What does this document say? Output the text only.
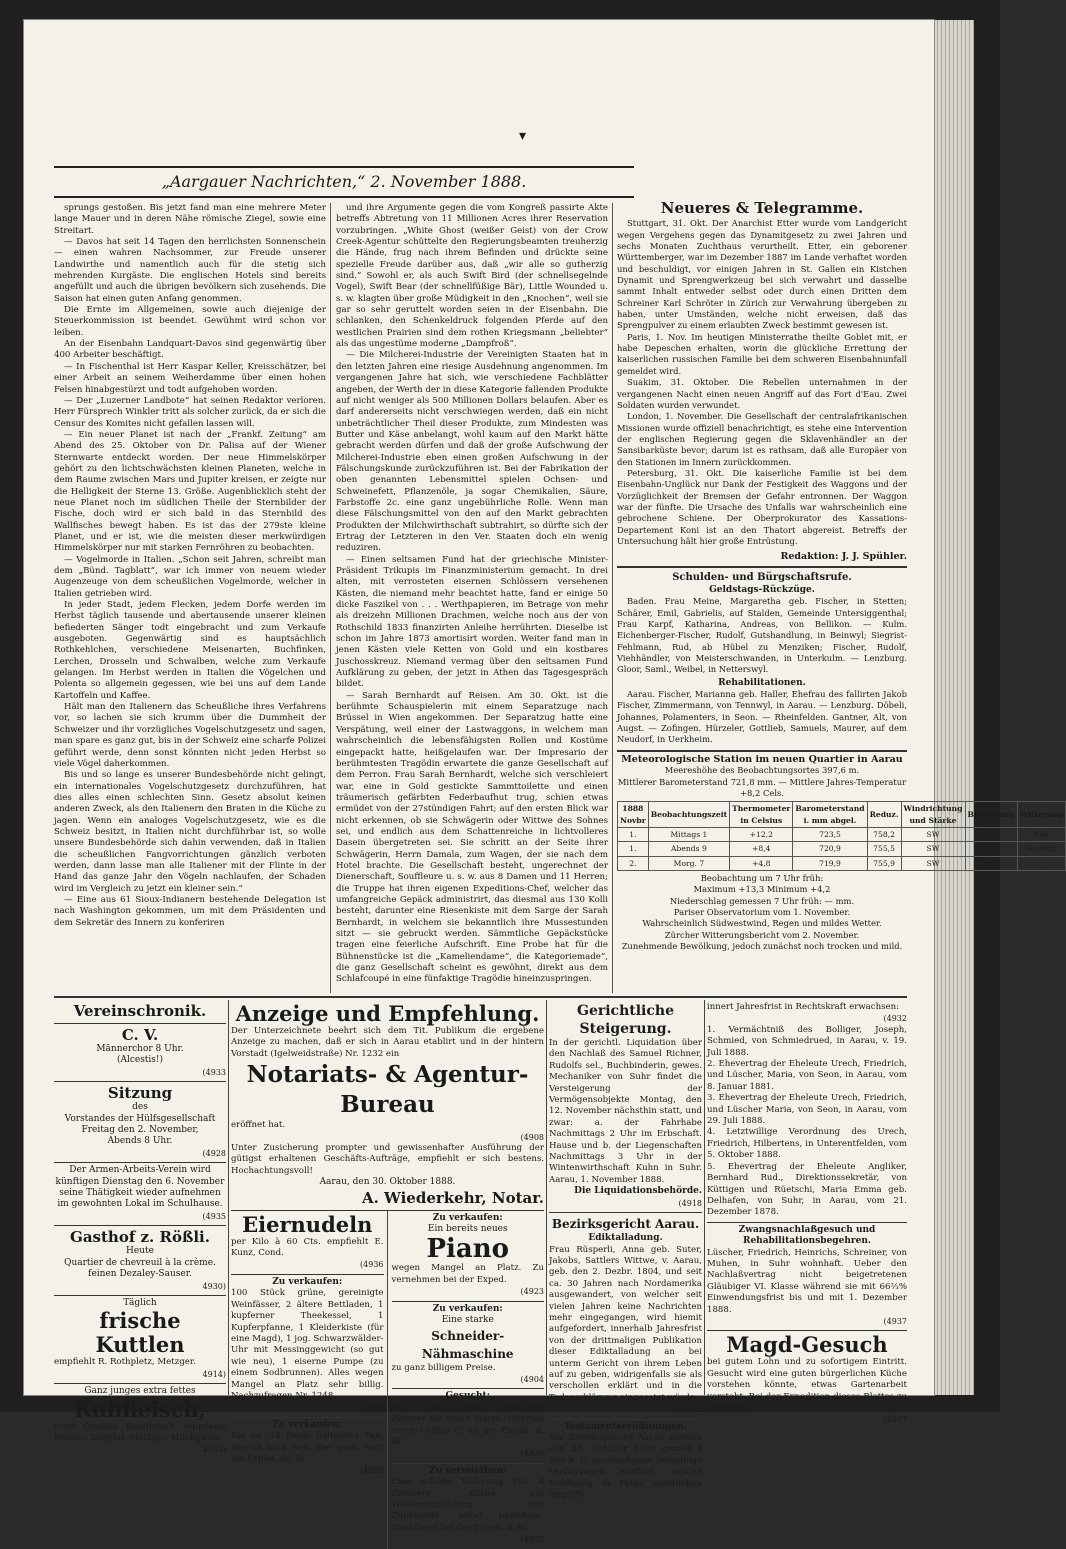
▾
„Aargauer Nachrichten,“ 2. November 1888.

sprungs gestoßen. Bis jetzt fand man eine mehrere Meter lange Mauer und in deren Nähe römische Ziegel, sowie eine Streitart.

— Davos hat seit 14 Tagen den herrlichsten Sonnenschein — einen wahren Nachsommer, zur Freude unserer Landwirthe und namentlich auch für die stetig sich mehrenden Kurgäste. Die englischen Hotels sind bereits angefüllt und auch die übrigen bevölkern sich zusehends. Die Saison hat einen guten Anfang genommen.

Die Ernte im Allgemeinen, sowie auch diejenige der Steuerkommission ist beendet. Gewühmt wird schon vor leiben.

An der Eisenbahn Landquart-Davos sind gegenwärtig über 400 Arbeiter beschäftigt.

— In Fischenthal ist Herr Kaspar Keller, Kreisschätzer, bei einer Arbeit an seinem Weiherdamme über einen hohen Felsen hinabgestürzt und todt aufgehoben worden.

— Der „Luzerner Landbote“ hat seinen Redaktor verloren. Herr Fürsprech Winkler tritt als solcher zurück, da er sich die Censur des Komites nicht gefallen lassen will.

— Ein neuer Planet ist nach der „Frankf. Zeitung“ am Abend des 25. Oktober von Dr. Palisa auf der Wiener Sternwarte entdeckt worden. Der neue Himmelskörper gehört zu den lichtschwächsten kleinen Planeten, welche in dem Raume zwischen Mars und Jupiter kreisen, er zeigte nur die Helligkeit der Sterne 13. Größe. Augenblicklich steht der neue Planet noch im südlichen Theile der Sternbilder der Fische, doch wird er sich bald in das Sternbild des Wallfisches bewegt haben. Es ist das der 279ste kleine Planet, und er ist, wie die meisten dieser merkwürdigen Himmelskörper nur mit starken Fernröhren zu beobachten.

— Vogelmorde in Italien. „Schon seit Jahren, schreibt man dem „Bünd. Tagblatt“, war ich immer von neuem wieder Augenzeuge von dem scheußlichen Vogelmorde, welcher in Italien getrieben wird.

In jeder Stadt, jedem Flecken, jedem Dorfe werden im Herbst täglich tausende und abertausende unserer kleinen befiederten Sänger todt eingebracht und zum Verkaufe ausgeboten. Gegenwärtig sind es hauptsächlich Rothkehlchen, verschiedene Meisenarten, Buchfinken, Lerchen, Drosseln und Schwalben, welche zum Verkaufe gelangen. Im Herbst werden in Italien die Vögelchen und Polenta so allgemein gegessen, wie bei uns auf dem Lande Kartoffeln und Kaffee.

Hält man den Italienern das Scheußliche ihres Verfahrens vor, so lachen sie sich krumm über die Dummheit der Schweizer und ihr vorzügliches Vogelschutzgesetz und sagen, man spare es ganz gut, bis in der Schweiz eine scharfe Polizei geführt werde, denn sonst könnten nicht jeden Herbst so viele Vögel daherkommen.

Bis und so lange es unserer Bundesbehörde nicht gelingt, ein internationales Vogelschutzgesetz durchzuführen, hat dies alles einen schlechten Sinn. Gesetz absolut keinen anderen Zweck, als den Italienern den Braten in die Küche zu jagen. Wenn ein analoges Vogelschutzgesetz, wie es die Schweiz besitzt, in Italien nicht durchführbar ist, so wolle unsere Bundesbehörde sich dahin verwenden, daß in Italien die scheußlichen Fangvorrichtungen gänzlich verboten werden, dann lasse man alle Italiener mit der Flinte in der Hand das ganze Jahr den Vögeln nachlaufen, der Schaden wird im Vergleich zu jetzt ein kleiner sein.“

— Eine aus 61 Sioux-Indianern bestehende Delegation ist nach Washington gekommen, um mit dem Präsidenten und dem Sekretär des Innern zu konferiren

und ihre Argumente gegen die vom Kongreß passirte Akte betreffs Abtretung von 11 Millionen Acres ihrer Reservation vorzubringen. „White Ghost (weißer Geist) von der Crow Creek-Agentur schüttelte den Regierungsbeamten treuherzig die Hände, frug nach ihrem Befinden und drückte seine spezielle Freude darüber aus, daß „wir alle so gutherzig sind.“ Sowohl er, als auch Swift Bird (der schnellsegelnde Vogel), Swift Bear (der schnellfüßige Bär), Little Wounded u. s. w. klagten über große Müdigkeit in den „Knochen“, weil sie gar so sehr geruttelt worden seien in der Eisenbahn. Die schlanken, den Schenkeldruck folgenden Pferde auf den westlichen Prairien sind dem rothen Kriegsmann „beliebter“ als das ungestüme moderne „Dampfroß“.

— Die Milcherei-Industrie der Vereinigten Staaten hat in den letzten Jahren eine riesige Ausdehnung angenommen. Im vergangenen Jahre hat sich, wie verschiedene Fachblätter angeben, der Werth der in diese Kategorie fallenden Produkte auf nicht weniger als 500 Millionen Dollars belaufen. Aber es darf andererseits nicht verschwiegen werden, daß ein nicht unbeträchtlicher Theil dieser Produkte, zum Mindesten was Butter und Käse anbelangt, wohl kaum auf den Markt hätte gebracht werden dürfen und daß der große Aufschwung der Milcherei-Industrie eben einen großen Aufschwung in der Fälschungskunde zurückzuführen ist. Bei der Fabrikation der oben genannten Lebensmittel spielen Ochsen- und Schweinefett, Pflanzenöle, ja sogar Chemikalien, Säure, Farbstoffe 2c. eine ganz ungebührliche Rolle. Wenn man diese Fälschungsmittel von den auf den Markt gebrachten Produkten der Milchwirthschaft subtrahirt, so dürfte sich der Ertrag der Letzteren in den Ver. Staaten doch ein wenig reduziren.

— Einen seltsamen Fund hat der griechische Minister-Präsident Trikupis im Finanzministerium gemacht. In drei alten, mit verrosteten eisernen Schlössern versehenen Kästen, die niemand mehr beachtet hatte, fand er einige 50 dicke Faszikel von . . . Werthpapieren, im Betrage von mehr als dreizehn Millionen Drachmen, welche noch aus der von Rothschild 1833 finanzirten Anleihe herrührten. Dieselbe ist schon im Jahre 1873 amortisirt worden. Weiter fand man in jenen Kästen viele Ketten von Gold und ein kostbares Juschosskreuz. Niemand vermag über den seltsamen Fund Aufklärung zu geben, der jetzt in Athen das Tagesgespräch bildet.

— Sarah Bernhardt auf Reisen. Am 30. Okt. ist die berühmte Schauspielerin mit einem Separatzuge nach Brüssel in Wien angekommen. Der Separatzug hatte eine Verspätung, weil einer der Lastwaggons, in welchem man wahrscheinlich die lebensfähigsten Rollen und Kostüme eingepackt hatte, heißgelaufen war. Der Impresario der berühmtesten Tragödin erwartete die ganze Gesellschaft auf dem Perron. Frau Sarah Bernhardt, welche sich verschleiert war, eine in Gold gestickte Sammttoilette und einen träumerisch gefärbten Federbaufhut trug, schien etwas ermüdet von der 27stündigen Fahrt; auf den ersten Blick war nicht erkennen, ob sie Schwägerin oder Wittwe des Sohnes sei, und endlich aus dem Schattenreiche in lichtvolleres Dasein übergetreten sei. Sie schritt an der Seite ihrer Schwägerin, Herrn Damala, zum Wagen, der sie nach dem Hotel brachte. Die Gesellschaft besteht, ungerechnet der Dienerschaft, Souffleure u. s. w. aus 8 Damen und 11 Herren; die Truppe hat ihren eigenen Expeditions-Chef, welcher das umfangreiche Gepäck administrirt, das diesmal aus 130 Kolli besteht, darunter eine Riesenkiste mit dem Sarge der Sarah Bernhardt, in welchem sie bekanntlich ihre Mussestunden sitzt — sie gebruckt werden. Sämmtliche Gepäckstücke tragen eine feierliche Aufschrift. Eine Probe hat für die Bühnenstücke ist die „Kameliendame“, die Kategoriemade“, die ganz Gesellschaft scheint es gewöhnt, direkt aus dem Schlafcoupé in eine fünfaktige Tragödie hineinzuspringen.

Neueres & Telegramme.

Stuttgart, 31. Okt. Der Anarchist Etter wurde vom Landgericht wegen Vergehens gegen das Dynamitgesetz zu zwei Jahren und sechs Monaten Zuchthaus verurtheilt. Etter, ein geborener Württemberger, war im Dezember 1887 im Lande verhaftet worden und beschuldigt, vor einigen Jahren in St. Gallen ein Kistchen Dynamit und Sprengwerkzeug bei sich verwahrt und dasselbe sammt Inhalt entweder selbst oder durch einen Dritten dem Schreiner Karl Schröter in Zürich zur Verwahrung übergeben zu haben, unter Umständen, welche nicht erweisen, daß das Sprengpulver zu einem erlaubten Zweck bestimmt gewesen ist.

Paris, 1. Nov. Im heutigen Ministerrathe theilte Goblet mit, er habe Depeschen erhalten, worin die glückliche Errettung der kaiserlichen russischen Familie bei dem schweren Eisenbahnunfall gemeldet wird.

Suakim, 31. Oktober. Die Rebellen unternahmen in der vergangenen Nacht einen neuen Angriff auf das Fort d'Eau. Zwei Soldaten wurden verwundet.

London, 1. November. Die Gesellschaft der centralafrikanischen Missionen wurde offiziell benachrichtigt, es stehe eine Intervention der englischen Regierung gegen die Sklavenhändler an der Sansibarküste bevor; darum ist es rathsam, daß alle Europäer von den Stationen im Innern zurückkommen.

Petersburg, 31. Okt. Die kaiserliche Familie ist bei dem Eisenbahn-Unglück nur Dank der Festigkeit des Waggons und der Vorzüglichkeit der Bremsen der Gefahr entronnen. Der Waggon war der fünfte. Die Ursache des Unfalls war wahrscheinlich eine gebrochene Schiene. Der Oberprokurator des Kassations-Departement Koni ist an den Thatort abgereist. Betreffs der Untersuchung hält hier große Entrüstung.

Redaktion: J. J. Spühler.
Schulden- und Bürgschaftsrufe.
Geldstags-Rückzüge.

Baden. Frau Meine, Margaretha geb. Fischer, in Stetten; Schärer, Emil, Gabrielis, auf Stalden, Gemeinde Untersiggenthal; Frau Karpf, Katharina, Andreas, von Bellikon. — Kulm. Eichenberger-Fischer, Rudolf, Gutshandlung, in Beinwyl; Siegrist-Fehlmann, Rud, ab Hübel zu Menziken; Fischer, Rudolf, Viehhändler, von Meisterschwanden, in Unterkulm. — Lenzburg. Gloor, Saml., Weibel, in Netterswyl.

Rehabilitationen.

Aarau. Fischer, Marianna geb. Haller, Ehefrau des fallirten Jakob Fischer, Zimmermann, von Tennwyl, in Aarau. — Lenzburg. Döbeli, Johannes, Polamenters, in Seon. — Rheinfelden. Gantner, Alt, von Augst. — Zofingen. Hürzeler, Gottlieb, Samuels, Maurer, auf dem Neudorf, in Uerkheim.

Meteorologische Station im neuen Quartier in Aarau
Meereshöhe des Beobachtungsortes 397,6 m.
Mittlerer Barometerstand 721,8 mm. — Mittlere Jahres-Temperatur +8,2 Cels.
1888 Novbr	Beobachtungszeit	Thermometer in Celsius	Barometerstand i. mm abgel.	Reduz.	Windrichtung und Stärke	Bewölkung	Witterung
1.	Mittags 1	+12,2	723,5	758,2	SW	55	hell
1.	Abends 9	+8,4	720,9	755,5	SW	86	bewölkt.
2.	Morg. 7	+4,8	719,9	755,9	SW	90	„
Beobachtung um 7 Uhr früh:
Maximum +13,3 Minimum +4,2
Niederschlag gemessen 7 Uhr früh: — mm.
Pariser Observatorium vom 1. November.
Wahrscheinlich Südwestwind, Regen und mildes Wetter.
Zürcher Witterungsbericht vom 2. November.
Zunehmende Bewölkung, jedoch zunächst noch trocken und mild.
Vereinschronik.
C. V.
Männerchor 8 Uhr.
(Alcestis!)
(4933
Sitzung
des
Vorstandes der Hülfsgesellschaft
Freitag den 2. November,
Abends 8 Uhr.
(4928
Der Armen-Arbeits-Verein wird künftigen Dienstag den 6. November seine Thätigkeit wieder aufnehmen im gewohnten Lokal im Schulhause.
(4935
Gasthof z. Rößli.
Heute
Quartier de chevreuil à la crème.
feinen Dezaley-Sauser.
4930)
Täglich
frische Kuttlen
empfiehlt R. Rothpletz, Metzger.
4914)
Ganz junges extra fettes
Kuhfleisch,
erste Qualität Rindfleisch, empfiehlt bestens Siegrist, Metzger, Milchgasse.
4934)
Anzeige und Empfehlung.
Der Unterzeichnete beehrt sich dem Tit. Publikum die ergebene Anzeige zu machen, daß er sich in Aarau etablirt und in der hintern Vorstadt (Igelweidstraße) Nr. 1232 ein
Notariats- & Agentur-Bureau
eröffnet hat.
(4908
Unter Zusicherung prompter und gewissenhafter Ausführung der gütigst erhaltenen Geschäfts-Aufträge, empfiehlt er sich bestens. Hochachtungsvoll!
Aarau, den 30. Oktober 1888.
A. Wiederkehr, Notar.
Eiernudeln
per Kilo à 60 Cts. empfiehlt E. Kunz, Cond.
(4936
Zu verkaufen:
100 Stück grüne, gereinigte Weinfässer, 2 ältere Bettladen, 1 kupferner Theekessel, 1 Kupferpfanne, 1 Kleiderkiste (für eine Magd), 1 jog. Schwarzwälder-Uhr mit Messinggewicht (so gut wie neu), 1 eiserne Pumpe (zu einem Sodbrunnen). Alles wegen Mangel an Platz sehr billig. Nachzufragen Nr. 1248.
(4809
Zu verkaufen:
Ein ca. 18 Saum haltendes Faß, bereits noch neu. Bei wem, sagt die Exped. ds. Bl.
(4889
Zu verkaufen:
Ein bereits neues
Piano
wegen Mangel an Platz. Zu vernehmen bei der Exped.
(4923
Zu verkaufen:
Eine starke
Schneider-Nähmaschine
zu ganz billigem Preise.
(4904
Gesucht:
Ein freundliches, möblirtes Zimmer für einen Herrn. Offerten unter Chiffre C. an die Exped. d. Bl.
(4926
Zu vermiethen:
Eine schöne Wohnung von 4 Zimmern, Küche mit Wassereinrichtung und Zubehörde, sofort beziehbar. Nachfrage bei der Exped. d. Bl.
(4832
Gerichtliche Steigerung.
In der gerichtl. Liquidation über den Nachlaß des Samuel Richner, Rudolfs sel., Buchbinderin, gewes. Mechaniker von Suhr findet die Versteigerung der Vermögensobjekte Montag, den 12. November nächsthin statt, und zwar: a. der Fahrhabe Nachmittags 2 Uhr im Erbschaft. Hause und b. der Liegenschaften Nachmittags 3 Uhr in der Wintenwirthschaft Kuhn in Suhr. Aarau, 1. November 1888.
Die Liquidationsbehörde.
(4918
Bezirksgericht Aarau.
Ediktalladung.
Frau Rüsperli, Anna geb. Suter, Jakobs, Sattlers Wittwe, v. Aarau, geb. den 2. Dezbr. 1804, und seit ca. 30 Jahren nach Nordamerika ausgewandert, von welcher seit vielen Jahren keine Nachrichten mehr eingegangen, wird hiemit aufgefordert, innerhalb Jahresfrist von der drittmaligen Publikation dieser Ediktalladung an bei unterm Gericht von ihrem Leben auf zu geben, widrigenfalls sie als verschollen erklärt und in die Todeserklärung eingesetzt würde.
(4931
Testamentseröffnungen.
Vor Bezirksgericht Aarau wurden den 26. Oktober 1888 gemäß § 960 b. G. nachstehende lehtwillige Verfügungen eröffnet, welche Eröffnung in Folge rechtlichen Angriffs
innert Jahresfrist in Rechtskraft erwachsen:
(4932
1. Vermächtniß des Bolliger, Joseph, Schmied, von Schmiedrued, in Aarau, v. 19. Juli 1888.
2. Ehevertrag der Eheleute Urech, Friedrich, und Lüscher, Maria, von Seon, in Aarau, vom 8. Januar 1881.
3. Ehevertrag der Eheleute Urech, Friedrich, und Lüscher Maria, von Seon, in Aarau, vom 29. Juli 1888.
4. Letztwillige Verordnung des Urech, Friedrich, Hilbertens, in Unterentfelden, vom 5. Oktober 1888.
5. Ehevertrag der Eheleute Angliker, Bernhard Rud., Direktionssekretär, von Küttigen und Rüetschi, Maria Emma geb. Delhafen, von Suhr, in Aarau, vom 21. Dezember 1878.
Zwangsnachlaßgesuch und Rehabilitationsbegehren.
Lüscher, Friedrich, Heinrichs, Schreiner, von Muhen, in Suhr wohnhaft. Ueber den Nachlaßvertrag nicht beigetretenen Gläubiger VI. Klasse während sie mit 66⅔% Einwendungsfrist bis und mit 1. Dezember 1888.
(4937
Magd-Gesuch
bei gutem Lohn und zu sofortigem Eintritt. Gesucht wird eine guten bürgerlichen Küche vorstehen könnte, etwas Gartenarbeit versteht. Bei der Expedition dieses Blattes zu erfragen.
(4907
